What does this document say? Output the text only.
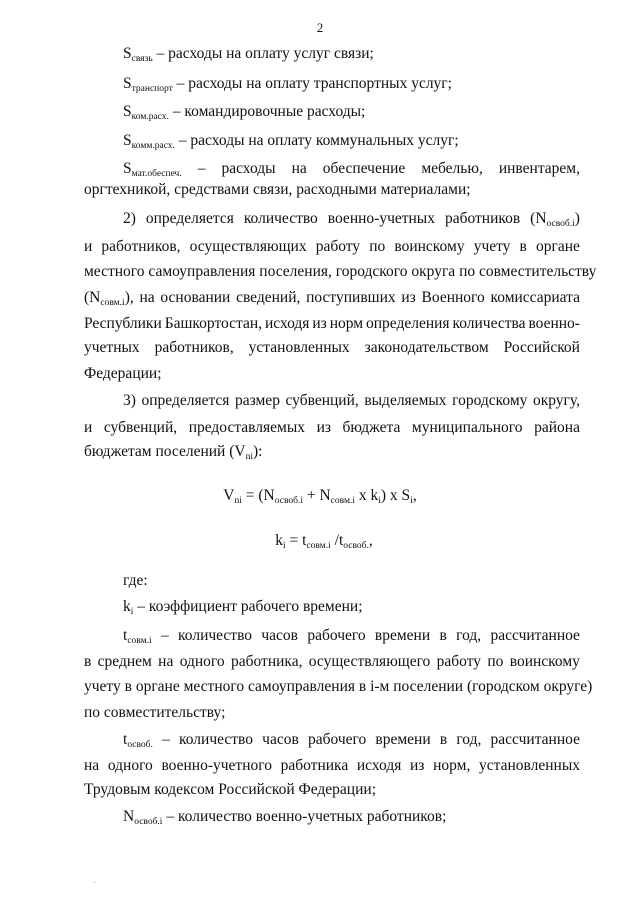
2
$S_{связь}$ – расходы на оплату услуг связи;
$S_{транспорт}$ – расходы на оплату транспортных услуг;
$S_{ком.расх.}$ – командировочные расходы;
$S_{комм.расх.}$ – расходы на оплату коммунальных услуг;
$S_{мат.обеспеч.}$ – расходы на обеспечение мебелью, инвентарем,
оргтехникой, средствами связи, расходными материалами;
2) определяется количество военно-учетных работников $(N_{освоб.i})$
и работников, осуществляющих работу по воинскому учету в органе
местного самоуправления поселения, городского округа по совместительству
$(N_{совм.i})$, на основании сведений, поступивших из Военного комиссариата
Республики Башкортостан, исходя из норм определения количества военно-
учетных работников, установленных законодательством Российской
Федерации;
3) определяется размер субвенций, выделяемых городскому округу,
и субвенций, предоставляемых из бюджета муниципального района
бюджетам поселений $(V_{ni})$:
$V_{ni} = (N_{освоб.i} + N_{совм.i}$ x $k_i$) x $S_i$,
$k_i = t_{совм.i}$ $/t_{освоб.}$,
где:
$k_i$ – коэффициент рабочего времени;
$t_{совм.i}$ – количество часов рабочего времени в год, рассчитанное
в среднем на одного работника, осуществляющего работу по воинскому
учету в органе местного самоуправления в i-м поселении (городском округе)
по совместительству;
$t_{освоб.}$ – количество часов рабочего времени в год, рассчитанное
на одного военно-учетного работника исходя из норм, установленных
Трудовым кодексом Российской Федерации;
$N_{освоб.i}$ – количество военно-учетных работников;
